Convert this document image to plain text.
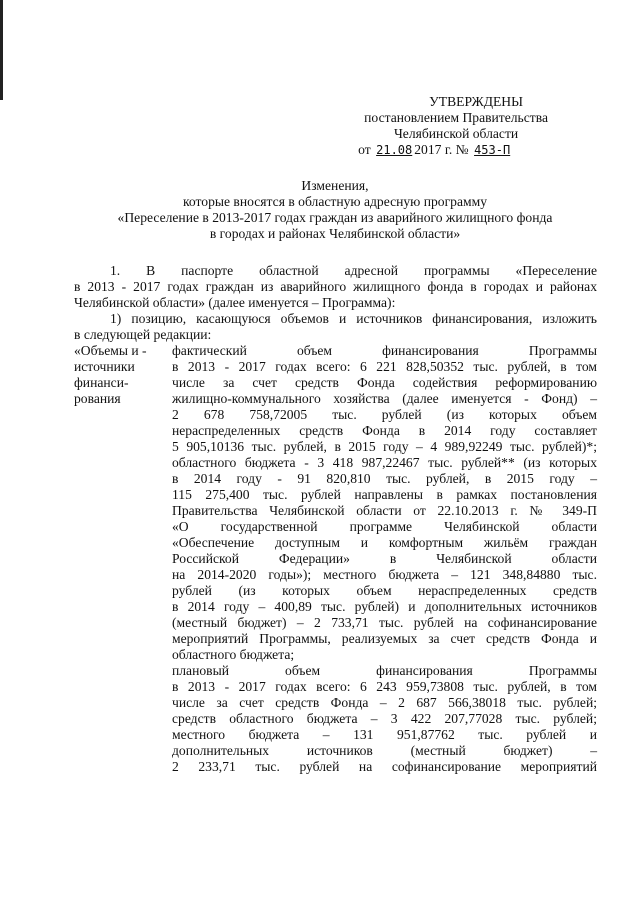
УТВЕРЖДЕНЫ
постановлением Правительства
Челябинской области
от 21.08 2017 г. № 453-П
Изменения,
которые вносятся в областную адресную программу
«Переселение в 2013-2017 годах граждан из аварийного жилищного фонда
в городах и районах Челябинской области»
1. В паспорте областной адресной программы «Переселение
в 2013 - 2017 годах граждан из аварийного жилищного фонда в городах и районах
Челябинской области» (далее именуется – Программа):
1) позицию, касающуюся объемов и источников финансирования, изложить
в следующей редакции:
«Объемы и -
источники
финанси-
рования
фактический объем финансирования Программы
в 2013 - 2017 годах всего: 6 221 828,50352 тыс. рублей, в том
числе за счет средств Фонда содействия реформированию
жилищно-коммунального хозяйства (далее именуется - Фонд) –
2 678 758,72005 тыс. рублей (из которых объем
нераспределенных средств Фонда в 2014 году составляет
5 905,10136 тыс. рублей, в 2015 году – 4 989,92249 тыс. рублей)*;
областного бюджета - 3 418 987,22467 тыс. рублей** (из которых
в 2014 году - 91 820,810 тыс. рублей, в 2015 году –
115 275,400 тыс. рублей направлены в рамках постановления
Правительства Челябинской области от 22.10.2013 г. № 349-П
«О государственной программе Челябинской области
«Обеспечение доступным и комфортным жильём граждан
Российской Федерации» в Челябинской области
на 2014-2020 годы»); местного бюджета – 121 348,84880 тыс.
рублей (из которых объем нераспределенных средств
в 2014 году – 400,89 тыс. рублей) и дополнительных источников
(местный бюджет) – 2 733,71 тыс. рублей на софинансирование
мероприятий Программы, реализуемых за счет средств Фонда и
областного бюджета;
плановый объем финансирования Программы
в 2013 - 2017 годах всего: 6 243 959,73808 тыс. рублей, в том
числе за счет средств Фонда – 2 687 566,38018 тыс. рублей;
средств областного бюджета – 3 422 207,77028 тыс. рублей;
местного бюджета – 131 951,87762 тыс. рублей и
дополнительных источников (местный бюджет) –
2 233,71 тыс. рублей на софинансирование мероприятий
